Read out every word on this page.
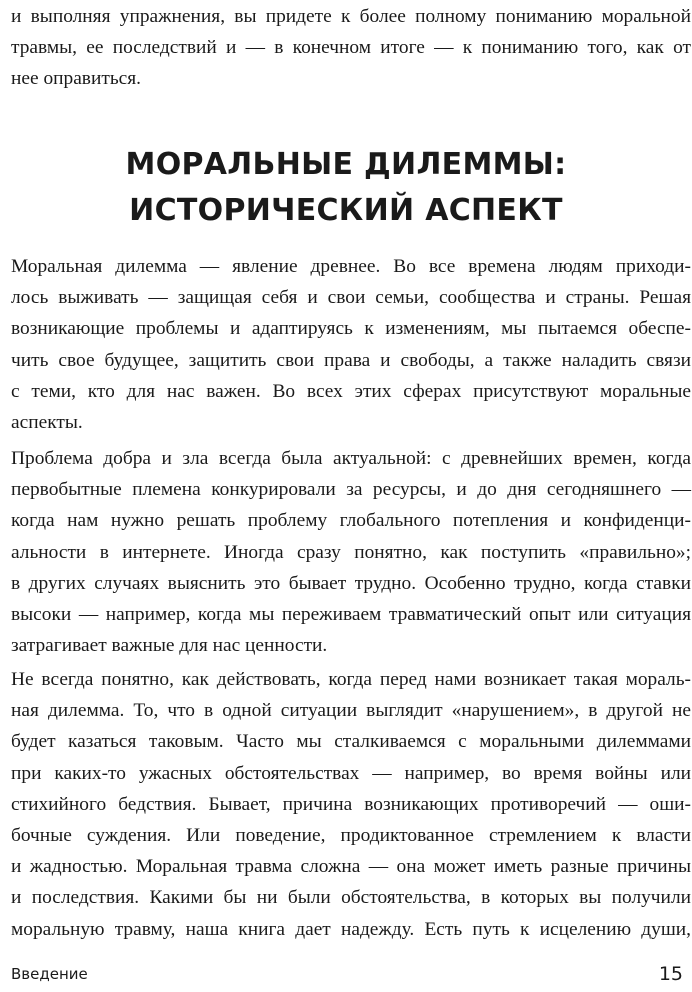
и выполняя упражнения, вы придете к более полному пониманию моральной
травмы, ее последствий и — в конечном итоге — к пониманию того, как от
нее оправиться.

МОРАЛЬНЫЕ ДИЛЕММЫ:
ИСТОРИЧЕСКИЙ АСПЕКТ

Моральная дилемма — явление древнее. Во все времена людям приходи-
лось выживать — защищая себя и свои семьи, сообщества и страны. Решая
возникающие проблемы и адаптируясь к изменениям, мы пытаемся обеспе-
чить свое будущее, защитить свои права и свободы, а также наладить связи
с теми, кто для нас важен. Во всех этих сферах присутствуют моральные
аспекты.

Проблема добра и зла всегда была актуальной: с древнейших времен, когда
первобытные племена конкурировали за ресурсы, и до дня сегодняшнего —
когда нам нужно решать проблему глобального потепления и конфиденци-
альности в интернете. Иногда сразу понятно, как поступить «правильно»;
в других случаях выяснить это бывает трудно. Особенно трудно, когда ставки
высоки — например, когда мы переживаем травматический опыт или ситуация
затрагивает важные для нас ценности.

Не всегда понятно, как действовать, когда перед нами возникает такая мораль-
ная дилемма. То, что в одной ситуации выглядит «нарушением», в другой не
будет казаться таковым. Часто мы сталкиваемся с моральными дилеммами
при каких-то ужасных обстоятельствах — например, во время войны или
стихийного бедствия. Бывает, причина возникающих противоречий — оши-
бочные суждения. Или поведение, продиктованное стремлением к власти
и жадностью. Моральная травма сложна — она может иметь разные причины
и последствия. Какими бы ни были обстоятельства, в которых вы получили
моральную травму, наша книга дает надежду. Есть путь к исцелению души,

Введение	15
